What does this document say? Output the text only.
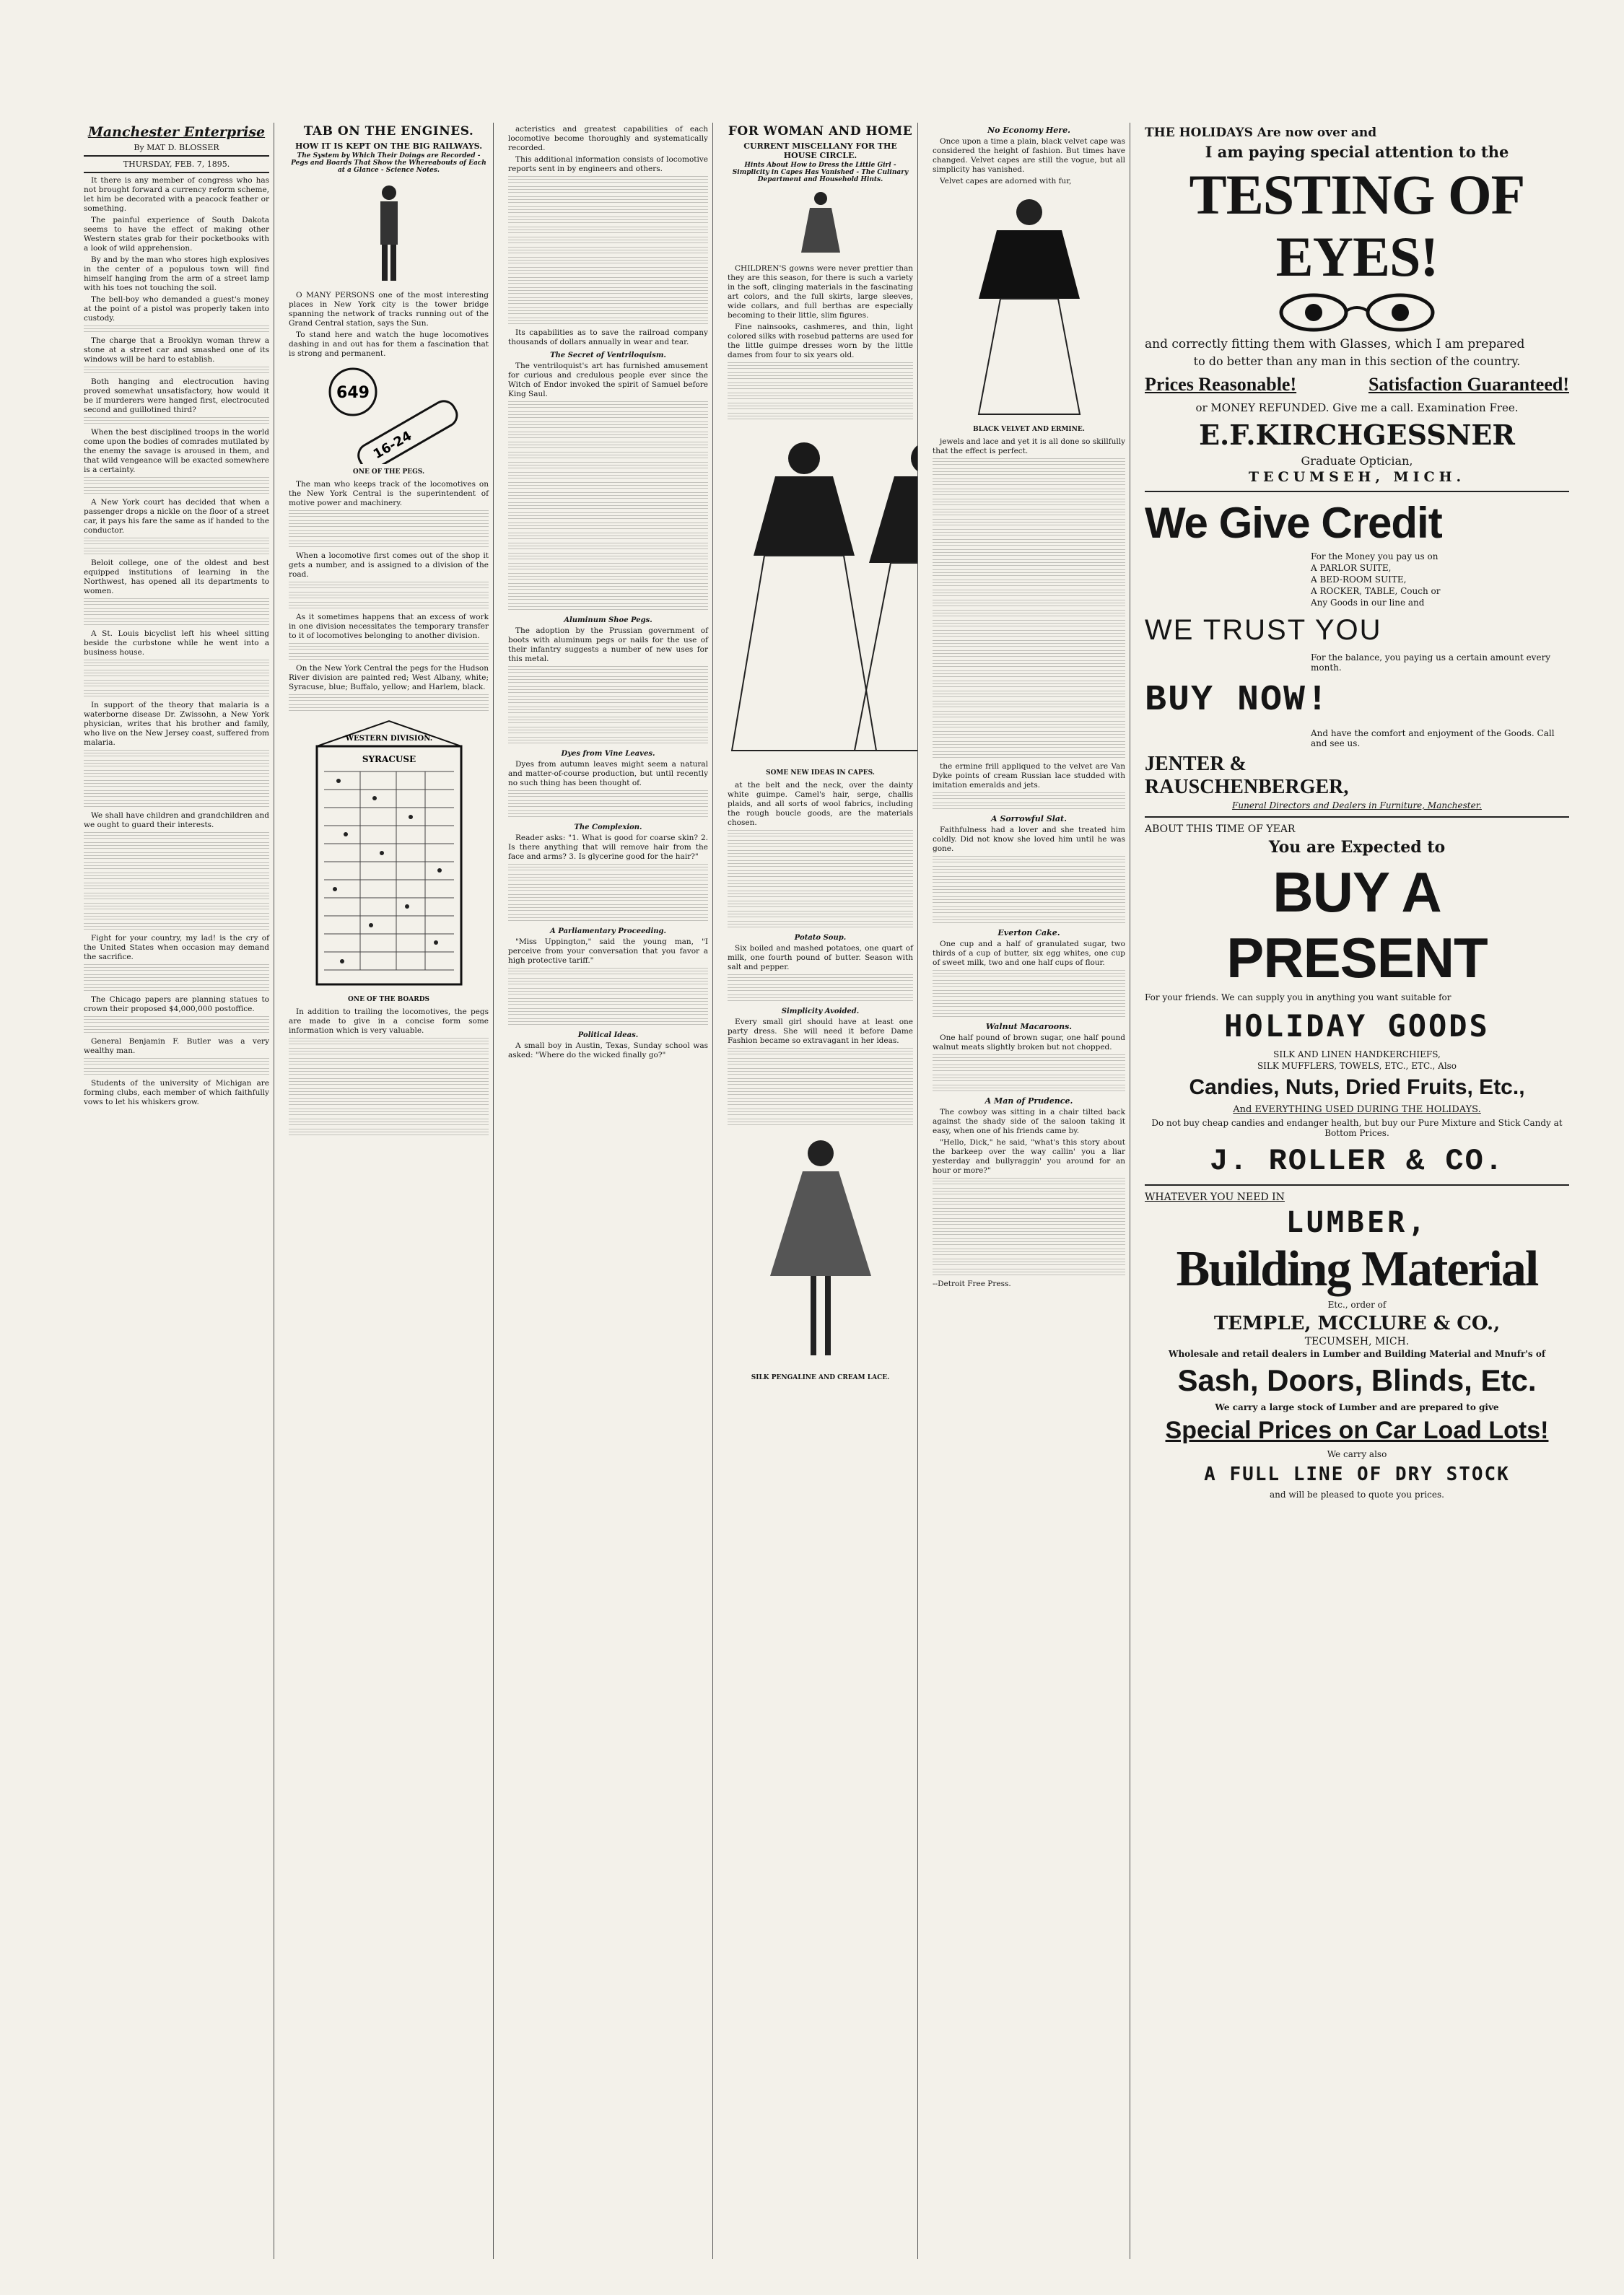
Manchester Enterprise
By MAT D. BLOSSER
THURSDAY, FEB. 7, 1895.

It there is any member of congress who has not brought forward a currency reform scheme, let him be decorated with a peacock feather or something.

The painful experience of South Dakota seems to have the effect of making other Western states grab for their pocketbooks with a look of wild apprehension.

By and by the man who stores high explosives in the center of a populous town will find himself hanging from the arm of a street lamp with his toes not touching the soil.

The bell-boy who demanded a guest's money at the point of a pistol was properly taken into custody.

The charge that a Brooklyn woman threw a stone at a street car and smashed one of its windows will be hard to establish.

Both hanging and electrocution having proved somewhat unsatisfactory, how would it be if murderers were hanged first, electrocuted second and guillotined third?

When the best disciplined troops in the world come upon the bodies of comrades mutilated by the enemy the savage is aroused in them, and that wild vengeance will be exacted somewhere is a certainty.

A New York court has decided that when a passenger drops a nickle on the floor of a street car, it pays his fare the same as if handed to the conductor.

Beloit college, one of the oldest and best equipped institutions of learning in the Northwest, has opened all its departments to women.

A St. Louis bicyclist left his wheel sitting beside the curbstone while he went into a business house.

In support of the theory that malaria is a waterborne disease Dr. Zwissohn, a New York physician, writes that his brother and family, who live on the New Jersey coast, suffered from malaria.

We shall have children and grandchildren and we ought to guard their interests.

Fight for your country, my lad! is the cry of the United States when occasion may demand the sacrifice.

The Chicago papers are planning statues to crown their proposed $4,000,000 postoffice.

General Benjamin F. Butler was a very wealthy man.

Students of the university of Michigan are forming clubs, each member of which faithfully vows to let his whiskers grow.

TAB ON THE ENGINES.
HOW IT IS KEPT ON THE BIG RAILWAYS.
The System by Which Their Doings are Recorded - Pegs and Boards That Show the Whereabouts of Each at a Glance - Science Notes.

O MANY PERSONS one of the most interesting places in New York city is the tower bridge spanning the network of tracks running out of the Grand Central station, says the Sun.

To stand here and watch the huge locomotives dashing in and out has for them a fascination that is strong and permanent.

649
16-24
ONE OF THE PEGS.

The man who keeps track of the locomotives on the New York Central is the superintendent of motive power and machinery.

When a locomotive first comes out of the shop it gets a number, and is assigned to a division of the road.

As it sometimes happens that an excess of work in one division necessitates the temporary transfer to it of locomotives belonging to another division.

On the New York Central the pegs for the Hudson River division are painted red; West Albany, white; Syracuse, blue; Buffalo, yellow; and Harlem, black.

WESTERN DIVISION.
SYRACUSE
ONE OF THE BOARDS

In addition to trailing the locomotives, the pegs are made to give in a concise form some information which is very valuable.

acteristics and greatest capabilities of each locomotive become thoroughly and systematically recorded.

This additional information consists of locomotive reports sent in by engineers and others.

Its capabilities as to save the railroad company thousands of dollars annually in wear and tear.

The Secret of Ventriloquism.

The ventriloquist's art has furnished amusement for curious and credulous people ever since the Witch of Endor invoked the spirit of Samuel before King Saul.

Aluminum Shoe Pegs.

The adoption by the Prussian government of boots with aluminum pegs or nails for the use of their infantry suggests a number of new uses for this metal.

Dyes from Vine Leaves.

Dyes from autumn leaves might seem a natural and matter-of-course production, but until recently no such thing has been thought of.

The Complexion.

Reader asks: "1. What is good for coarse skin? 2. Is there anything that will remove hair from the face and arms? 3. Is glycerine good for the hair?"

A Parliamentary Proceeding.

"Miss Uppington," said the young man, "I perceive from your conversation that you favor a high protective tariff."

Political Ideas.

A small boy in Austin, Texas, Sunday school was asked: "Where do the wicked finally go?"

FOR WOMAN AND HOME
CURRENT MISCELLANY FOR THE HOUSE CIRCLE.
Hints About How to Dress the Little Girl - Simplicity in Capes Has Vanished - The Culinary Department and Household Hints.

CHILDREN'S gowns were never prettier than they are this season, for there is such a variety in the soft, clinging materials in the fascinating art colors, and the full skirts, large sleeves, wide collars, and full berthas are especially becoming to their little, slim figures.

Fine nainsooks, cashmeres, and thin, light colored silks with rosebud patterns are used for the little guimpe dresses worn by the little dames from four to six years old.

SOME NEW IDEAS IN CAPES.

at the belt and the neck, over the dainty white guimpe. Camel's hair, serge, challis plaids, and all sorts of wool fabrics, including the rough boucle goods, are the materials chosen.

Potato Soup.

Six boiled and mashed potatoes, one quart of milk, one fourth pound of butter. Season with salt and pepper.

Simplicity Avoided.

Every small girl should have at least one party dress. She will need it before Dame Fashion became so extravagant in her ideas.

SILK PENGALINE AND CREAM LACE.
No Economy Here.

Once upon a time a plain, black velvet cape was considered the height of fashion. But times have changed. Velvet capes are still the vogue, but all simplicity has vanished.

Velvet capes are adorned with fur,

BLACK VELVET AND ERMINE.

jewels and lace and yet it is all done so skillfully that the effect is perfect.

the ermine frill appliqued to the velvet are Van Dyke points of cream Russian lace studded with imitation emeralds and jets.

A Sorrowful Slat.

Faithfulness had a lover and she treated him coldly. Did not know she loved him until he was gone.

Everton Cake.

One cup and a half of granulated sugar, two thirds of a cup of butter, six egg whites, one cup of sweet milk, two and one half cups of flour.

Walnut Macaroons.

One half pound of brown sugar, one half pound walnut meats slightly broken but not chopped.

A Man of Prudence.

The cowboy was sitting in a chair tilted back against the shady side of the saloon taking it easy, when one of his friends came by.

"Hello, Dick," he said, "what's this story about the barkeep over the way callin' you a liar yesterday and bullyraggin' you around for an hour or more?"

--Detroit Free Press.

THE HOLIDAYS Are now over and
I am paying special attention to the
TESTING OF EYES!
and correctly fitting them with Glasses, which I am prepared
to do better than any man in this section of the country.
Prices Reasonable!	Satisfaction Guaranteed!
or MONEY REFUNDED. Give me a call. Examination Free.
E.F.KIRCHGESSNER
Graduate Optician,
TECUMSEH, MICH.
We Give Credit
For the Money you pay us on
A PARLOR SUITE,
A BED-ROOM SUITE,
A ROCKER, TABLE, Couch or
Any Goods in our line and
WE TRUST YOU
For the balance, you paying us a certain amount every month.
BUY NOW!
And have the comfort and enjoyment of the Goods. Call and see us.
JENTER &
RAUSCHENBERGER,
Funeral Directors and Dealers in Furniture, Manchester.
ABOUT THIS TIME OF YEAR
You are Expected to
BUY A PRESENT
For your friends. We can supply you in anything you want suitable for
HOLIDAY GOODS
SILK AND LINEN HANDKERCHIEFS,
SILK MUFFLERS, TOWELS, ETC., ETC., Also
Candies, Nuts, Dried Fruits, Etc.,
And EVERYTHING USED DURING THE HOLIDAYS.
Do not buy cheap candies and endanger health, but buy our Pure Mixture and Stick Candy at Bottom Prices.
J. ROLLER & CO.
WHATEVER YOU NEED IN
LUMBER,
Building Material
Etc., order of
TEMPLE, MCCLURE & CO.,
TECUMSEH, MICH.
Wholesale and retail dealers in Lumber and Building Material and Mnufr's of
Sash, Doors, Blinds, Etc.
We carry a large stock of Lumber and are prepared to give
Special Prices on Car Load Lots!
We carry also
A FULL LINE OF DRY STOCK
and will be pleased to quote you prices.
